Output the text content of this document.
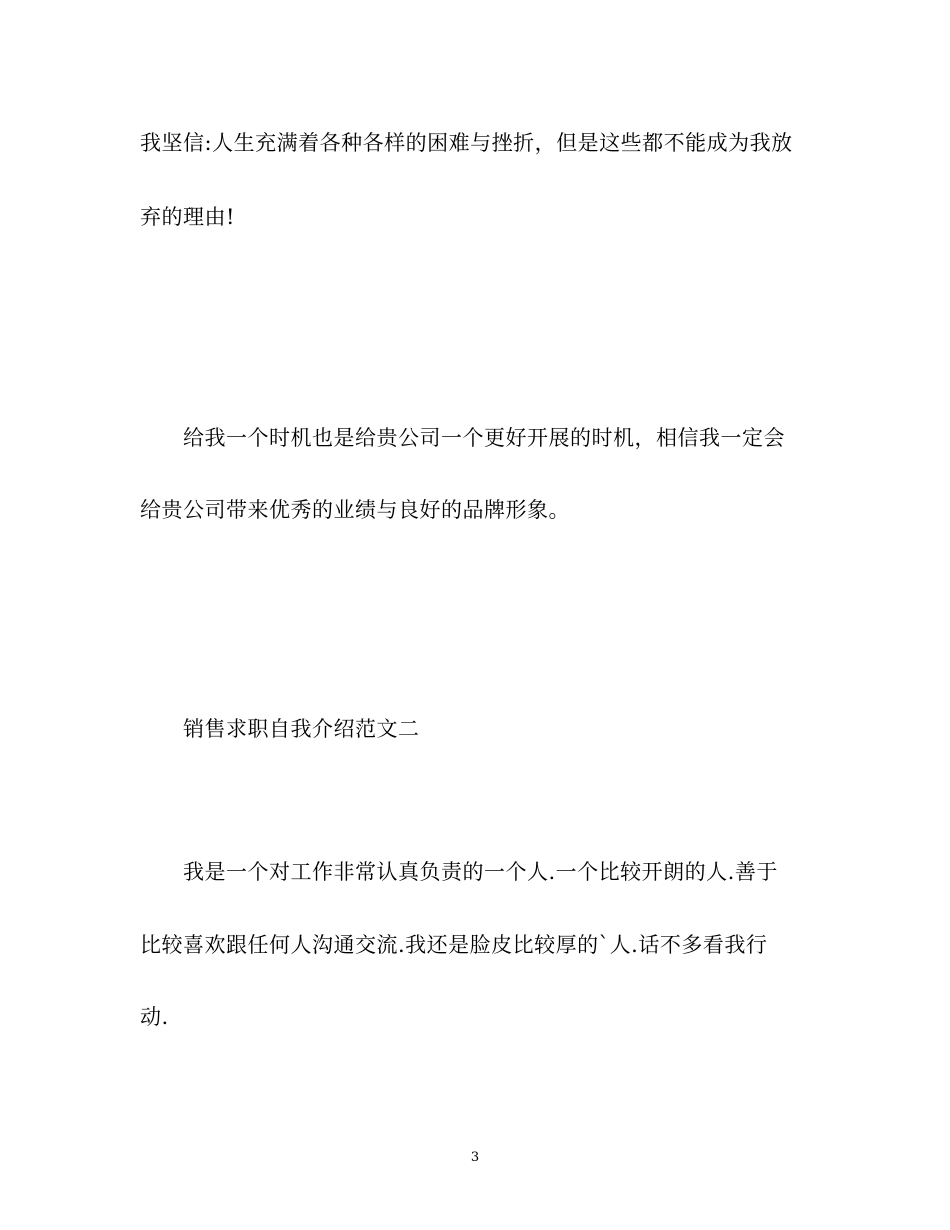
我坚信:人生充满着各种各样的困难与挫折，但是这些都不能成为我放
弃的理由!
给我一个时机也是给贵公司一个更好开展的时机，相信我一定会
给贵公司带来优秀的业绩与良好的品牌形象。
销售求职自我介绍范文二
我是一个对工作非常认真负责的一个人.一个比较开朗的人.善于
比较喜欢跟任何人沟通交流.我还是脸皮比较厚的`人.话不多看我行
动.
3
